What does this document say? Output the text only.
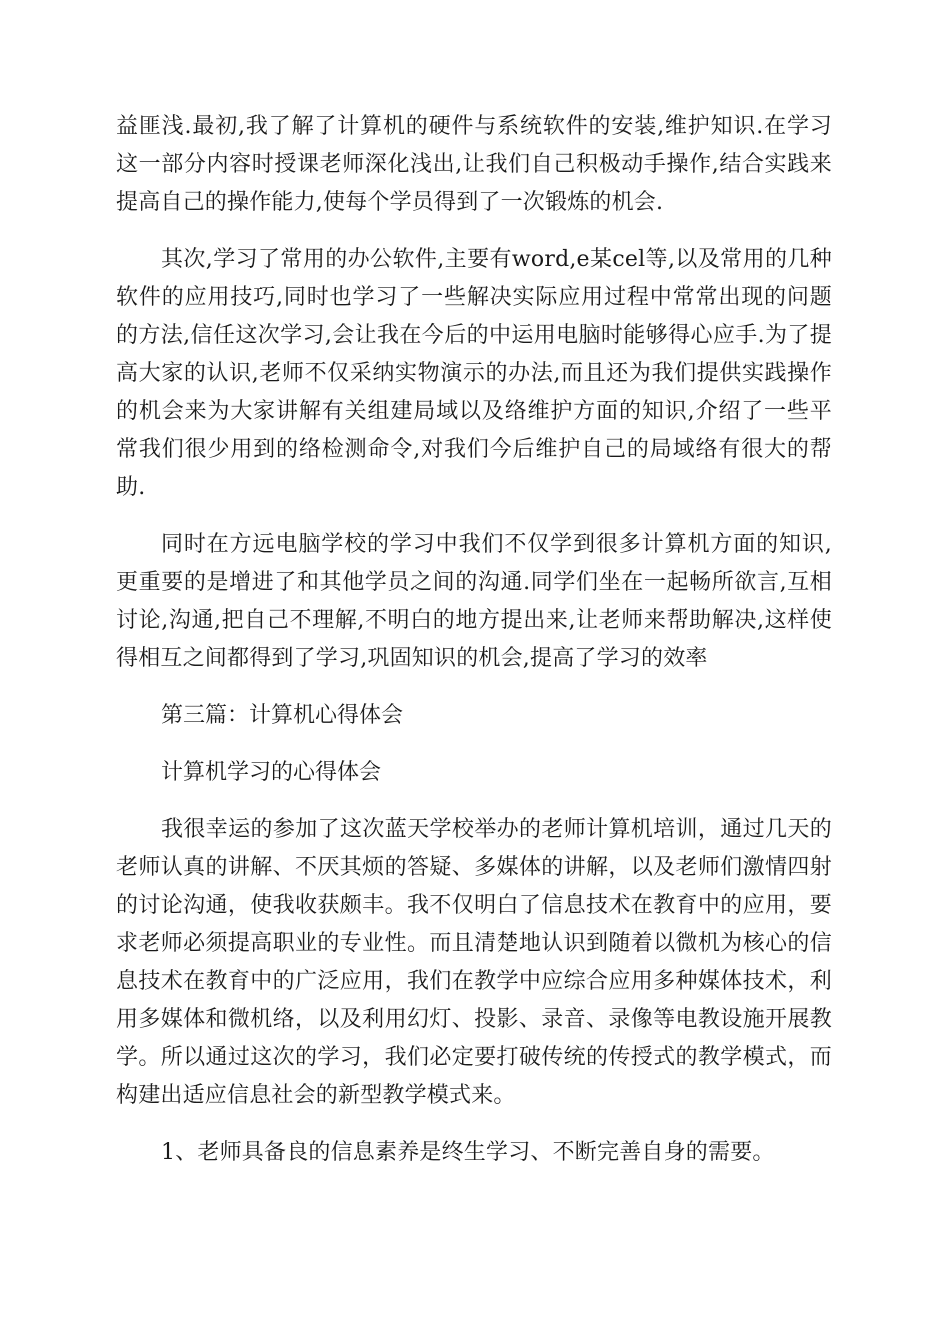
益匪浅.最初,我了解了计算机的硬件与系统软件的安装,维护知识.在学习这一部分内容时授课老师深化浅出,让我们自己积极动手操作,结合实践来提高自己的操作能力,使每个学员得到了一次锻炼的机会.

其次,学习了常用的办公软件,主要有word,e某cel等,以及常用的几种软件的应用技巧,同时也学习了一些解决实际应用过程中常常出现的问题的方法,信任这次学习,会让我在今后的中运用电脑时能够得心应手.为了提高大家的认识,老师不仅采纳实物演示的办法,而且还为我们提供实践操作的机会来为大家讲解有关组建局域以及络维护方面的知识,介绍了一些平常我们很少用到的络检测命令,对我们今后维护自己的局域络有很大的帮助.

同时在方远电脑学校的学习中我们不仅学到很多计算机方面的知识,更重要的是增进了和其他学员之间的沟通.同学们坐在一起畅所欲言,互相讨论,沟通,把自己不理解,不明白的地方提出来,让老师来帮助解决,这样使得相互之间都得到了学习,巩固知识的机会,提高了学习的效率

第三篇：计算机心得体会

计算机学习的心得体会

我很幸运的参加了这次蓝天学校举办的老师计算机培训，通过几天的老师认真的讲解、不厌其烦的答疑、多媒体的讲解，以及老师们激情四射的讨论沟通，使我收获颇丰。我不仅明白了信息技术在教育中的应用，要求老师必须提高职业的专业性。而且清楚地认识到随着以微机为核心的信息技术在教育中的广泛应用，我们在教学中应综合应用多种媒体技术，利用多媒体和微机络，以及利用幻灯、投影、录音、录像等电教设施开展教学。所以通过这次的学习，我们必定要打破传统的传授式的教学模式，而构建出适应信息社会的新型教学模式来。

1、老师具备良的信息素养是终生学习、不断完善自身的需要。
